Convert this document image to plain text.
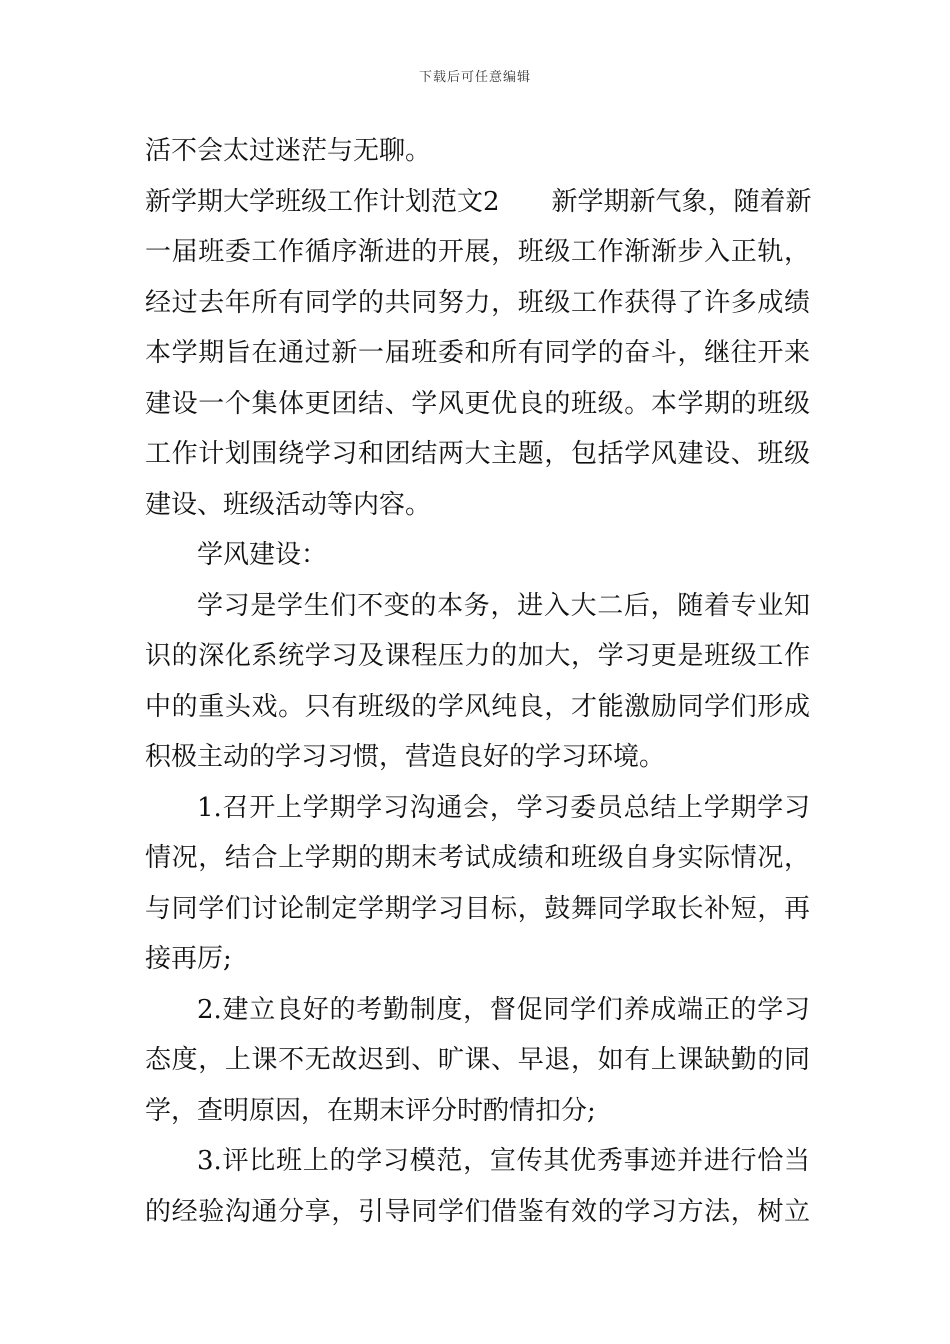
下载后可任意编辑
活不会太过迷茫与无聊。
新学期大学班级工作计划范文2　　新学期新气象，随着新
一届班委工作循序渐进的开展，班级工作渐渐步入正轨，
经过去年所有同学的共同努力，班级工作获得了许多成绩
本学期旨在通过新一届班委和所有同学的奋斗，继往开来
建设一个集体更团结、学风更优良的班级。本学期的班级
工作计划围绕学习和团结两大主题，包括学风建设、班级
建设、班级活动等内容。
学风建设：
学习是学生们不变的本务，进入大二后，随着专业知
识的深化系统学习及课程压力的加大，学习更是班级工作
中的重头戏。只有班级的学风纯良，才能激励同学们形成
积极主动的学习习惯，营造良好的学习环境。
1.召开上学期学习沟通会，学习委员总结上学期学习
情况，结合上学期的期末考试成绩和班级自身实际情况，
与同学们讨论制定学期学习目标，鼓舞同学取长补短，再
接再厉;
2.建立良好的考勤制度，督促同学们养成端正的学习
态度，上课不无故迟到、旷课、早退，如有上课缺勤的同
学，查明原因，在期末评分时酌情扣分;
3.评比班上的学习模范，宣传其优秀事迹并进行恰当
的经验沟通分享，引导同学们借鉴有效的学习方法，树立
